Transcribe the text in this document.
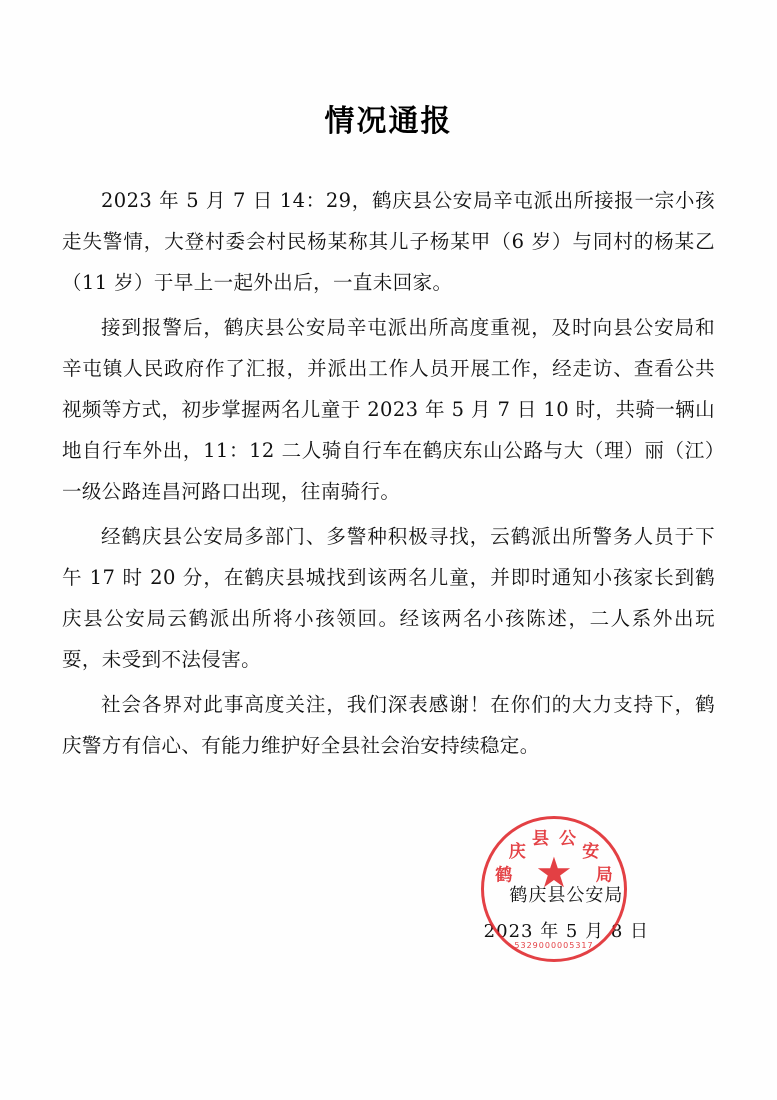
情况通报

2023 年 5 月 7 日 14：29，鹤庆县公安局辛屯派出所接报一宗小孩走失警情，大登村委会村民杨某称其儿子杨某甲（6 岁）与同村的杨某乙（11 岁）于早上一起外出后，一直未回家。

接到报警后，鹤庆县公安局辛屯派出所高度重视，及时向县公安局和辛屯镇人民政府作了汇报，并派出工作人员开展工作，经走访、查看公共视频等方式，初步掌握两名儿童于 2023 年 5 月 7 日 10 时，共骑一辆山地自行车外出，11：12 二人骑自行车在鹤庆东山公路与大（理）丽（江）一级公路连昌河路口出现，往南骑行。

经鹤庆县公安局多部门、多警种积极寻找，云鹤派出所警务人员于下午 17 时 20 分，在鹤庆县城找到该两名儿童，并即时通知小孩家长到鹤庆县公安局云鹤派出所将小孩领回。经该两名小孩陈述，二人系外出玩耍，未受到不法侵害。

社会各界对此事高度关注，我们深表感谢！在你们的大力支持下，鹤庆警方有信心、有能力维护好全县社会治安持续稳定。

鹤庆县公安局
2023 年 5 月 8 日
鹤
庆
县 公
安
局
★
5329000005317
